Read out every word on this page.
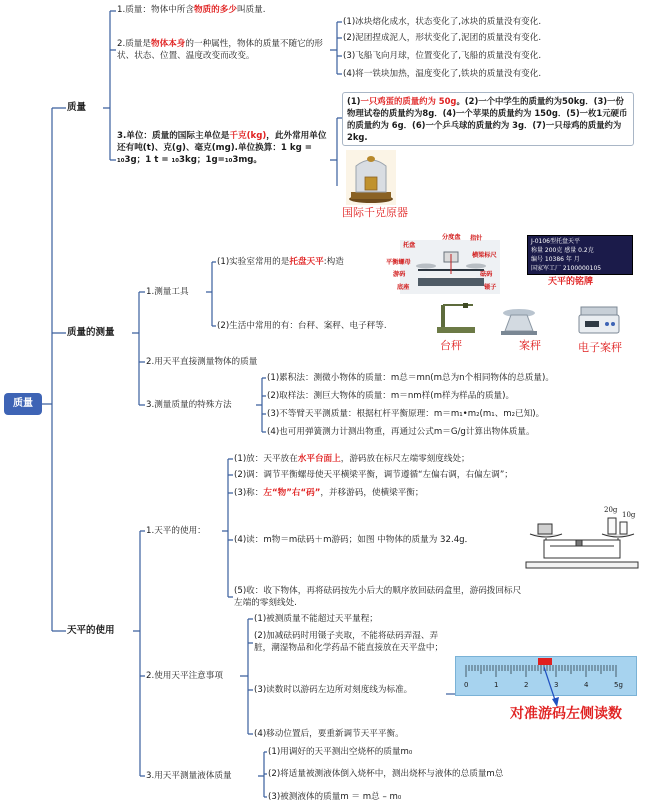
质量
质量
1.质量：物体中所含物质的多少叫质量.
2.质量是物体本身的一种属性，物体的质量不随它的形状、状态、位置、温度改变而改变。
(1)冰块熔化成水，状态变化了,冰块的质量没有变化.
(2)泥团捏成泥人，形状变化了,泥团的质量没有变化.
(3)飞船飞向月球，位置变化了,飞船的质量没有变化.
(4)将一铁块加热，温度变化了,铁块的质量没有变化.
3.单位：质量的国际主单位是千克(kg)，此外常用单位还有吨(t)、克(g)、毫克(mg).单位换算：1 kg = ₁₀3g；1 t = ₁₀3kg；1g=₁₀3mg。
(1)一只鸡蛋的质量约为 50g。(2)一个中学生的质量约为50kg．(3)一份物理试卷的质量约为8g．(4)一个苹果的质量约为 150g．(5)一枚1元硬币的质量约为 6g．(6)一个乒乓球的质量约为 3g．(7)一只母鸡的质量约为 2kg.
国际千克原器
质量的测量
1.测量工具
(1)实验室常用的是托盘天平:构造
(2)生活中常用的有：台秤、案秤、电子秤等.
分度盘 指针
托盘
横梁标尺
平衡螺母
游码	砝码
底座	镊子
J-0106型托盘天平
称量 200克 感量 0.2克
编号 10386 年 月
国家军工厂 2100000105
天平的铭牌
台秤	案秤	电子案秤
2.用天平直接测量物体的质量
3.测量质量的特殊方法
(1)累积法：测微小物体的质量：m总＝mn(m总为n个相同物体的总质量)。
(2)取样法：测巨大物体的质量：m＝nm样(m样为样品的质量)。
(3)不等臂天平测质量：根据杠杆平衡原理：m＝m₁•m₂(m₁、m₂已知)。
(4)也可用弹簧测力计测出物重，再通过公式m＝G/g计算出物体质量。
天平的使用
1.天平的使用：
(1)放：天平放在水平台面上，游码放在标尺左端零刻度线处；
(2)调：调节平衡螺母使天平横梁平衡，调节遵循“左偏右调，右偏左调”；
(3)称：左“物”右“码”，并移游码，使横梁平衡；
(4)读：m物＝m砝码＋m游码；如图 中物体的质量为 32.4g．
(5)收：收下物体，再将砝码按先小后大的顺序放回砝码盒里，游码拨回标尺左端的零刻线处.
20g
10g
2.使用天平注意事项
(1)被测质量不能超过天平量程；
(2)加减砝码时用镊子夹取，不能将砝码弄湿、弄脏，潮湿物品和化学药品不能直接放在天平盘中；
(3)读数时以游码左边所对刻度线为标准。
(4)移动位置后，要重新调节天平平衡。
0	1	2	3	4	5g
对准游码左侧读数
3.用天平测量液体质量
(1)用调好的天平测出空烧杯的质量m₀
(2)将适量被测液体倒入烧杯中，测出烧杯与液体的总质量m总
(3)被测液体的质量m ＝ m总 – m₀
